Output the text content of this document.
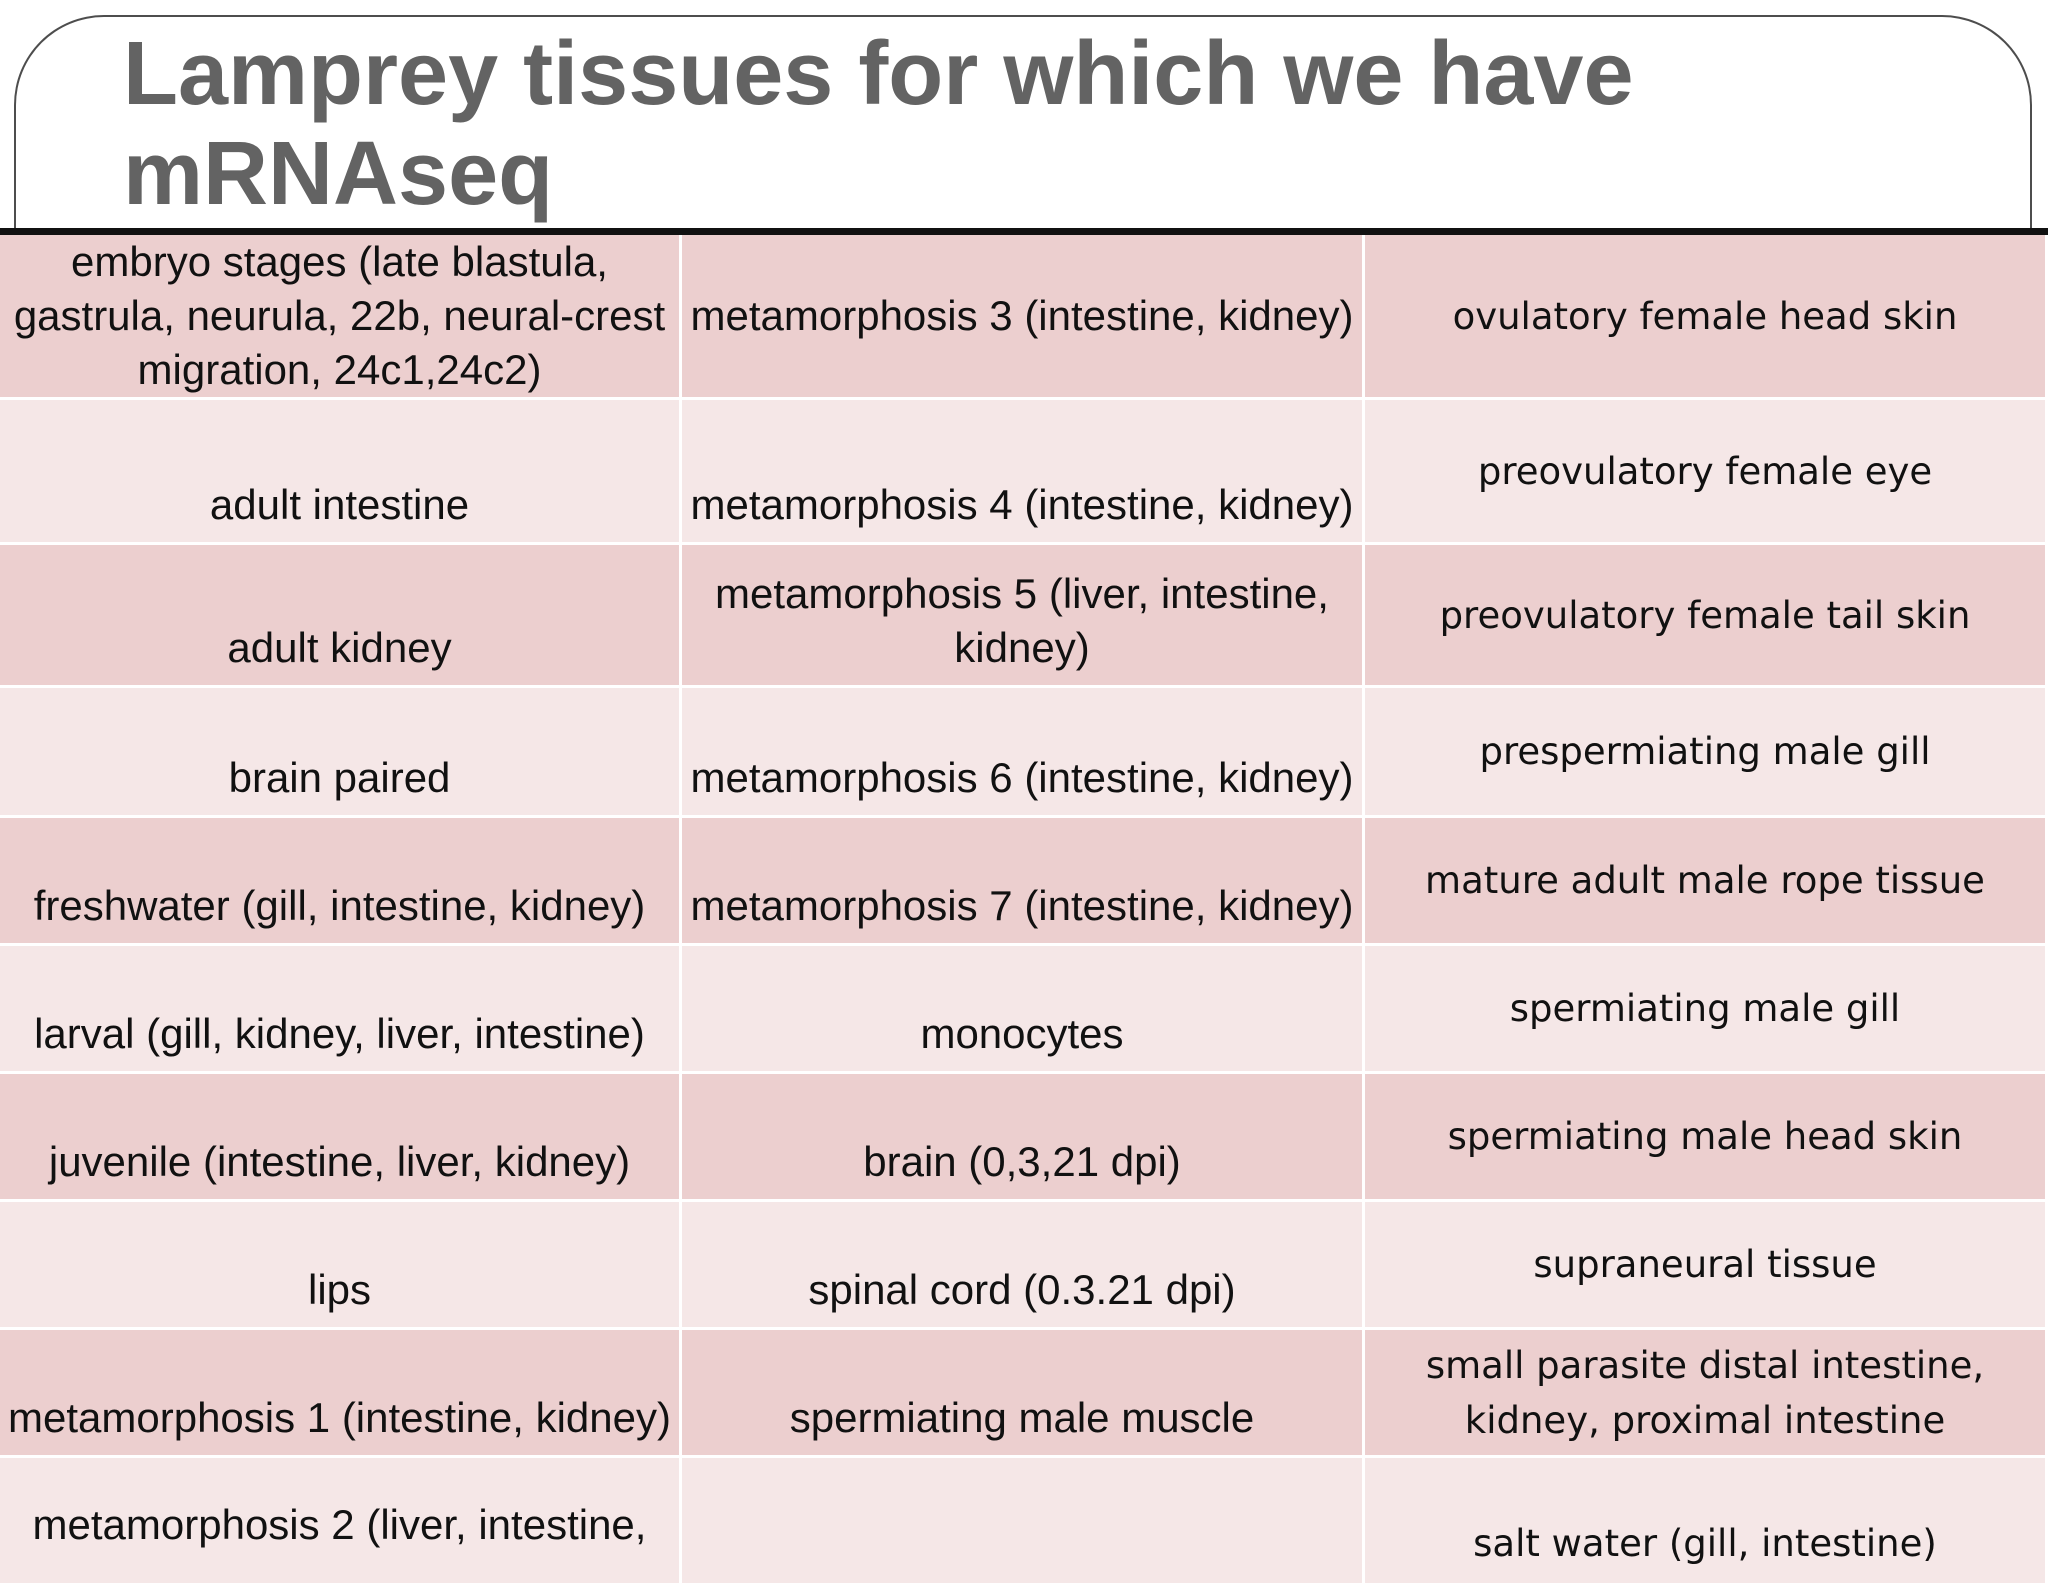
Lamprey tissues for which we have
mRNAseq
embryo stages (late blastula, gastrula, neurula, 22b, neural-crest migration, 24c1,24c2)	metamorphosis 3 (intestine, kidney)	ovulatory female head skin
adult intestine	metamorphosis 4 (intestine, kidney)	preovulatory female eye
adult kidney	metamorphosis 5 (liver, intestine, kidney)	preovulatory female tail skin
brain paired	metamorphosis 6 (intestine, kidney)	prespermiating male gill
freshwater (gill, intestine, kidney)	metamorphosis 7 (intestine, kidney)	mature adult male rope tissue
larval (gill, kidney, liver, intestine)	monocytes	spermiating male gill
juvenile (intestine, liver, kidney)	brain (0,3,21 dpi)	spermiating male head skin
lips	spinal cord (0.3.21 dpi)	supraneural tissue
metamorphosis 1 (intestine, kidney)	spermiating male muscle	small parasite distal intestine, kidney, proximal intestine
metamorphosis 2 (liver, intestine,		salt water (gill, intestine)
